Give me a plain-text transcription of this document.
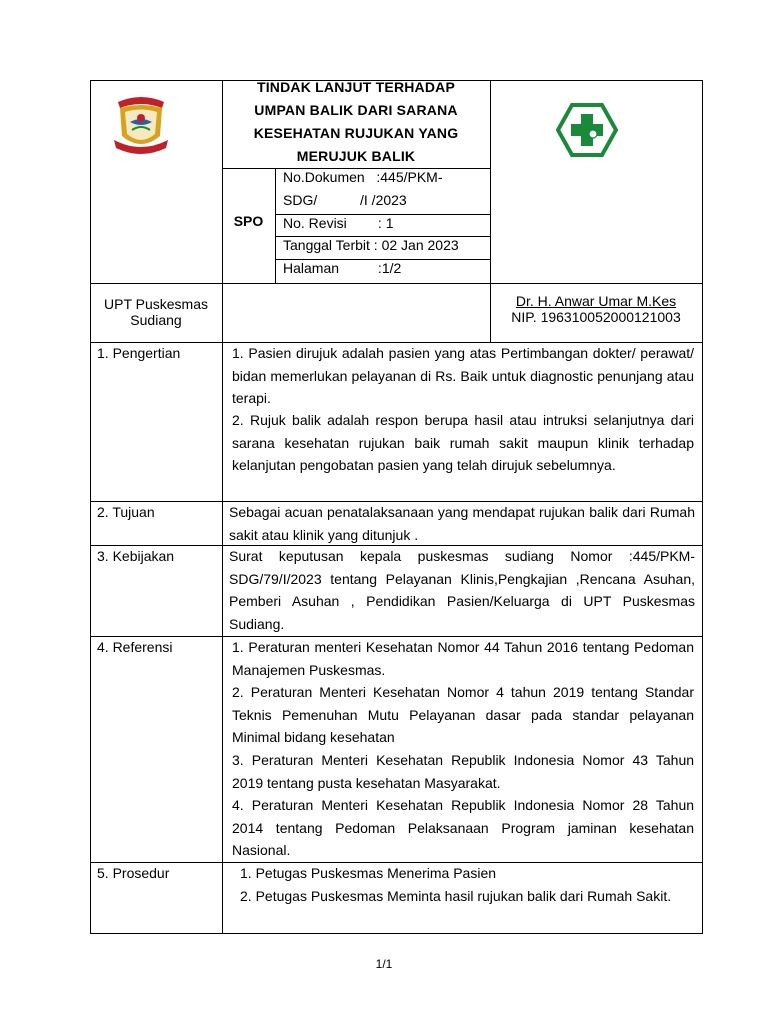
TINDAK LANJUT TERHADAP
UMPAN BALIK DARI SARANA
KESEHATAN RUJUKAN YANG
MERUJUK BALIK
SPO
No.Dokumen   :445/PKM-
SDG/           /I /2023
No. Revisi        : 1
Tanggal Terbit : 02 Jan 2023
Halaman          :1/2
UPT Puskesmas
Sudiang
Dr. H. Anwar Umar M.Kes
NIP. 196310052000121003
1. Pengertian	1. Pasien dirujuk adalah pasien yang atas Pertimbangan dokter/ perawat/ bidan memerlukan pelayanan di Rs. Baik untuk diagnostic penunjang atau terapi.
2. Rujuk balik adalah respon berupa hasil atau intruksi selanjutnya dari sarana kesehatan rujukan baik rumah sakit maupun klinik terhadap kelanjutan pengobatan pasien yang telah dirujuk sebelumnya.
2. Tujuan	Sebagai acuan penatalaksanaan yang mendapat rujukan balik dari Rumah sakit atau klinik yang ditunjuk .
3. Kebijakan	Surat keputusan kepala puskesmas sudiang Nomor :445/PKM-SDG/79/I/2023 tentang Pelayanan Klinis,Pengkajian ,Rencana Asuhan, Pemberi Asuhan , Pendidikan Pasien/Keluarga di UPT Puskesmas Sudiang.
4. Referensi	1. Peraturan menteri Kesehatan Nomor 44 Tahun 2016 tentang Pedoman Manajemen Puskesmas.
2. Peraturan Menteri Kesehatan Nomor 4 tahun 2019 tentang Standar Teknis Pemenuhan Mutu Pelayanan dasar pada standar pelayanan Minimal bidang kesehatan
3. Peraturan Menteri Kesehatan Republik Indonesia Nomor 43 Tahun 2019 tentang pusta kesehatan Masyarakat.
4. Peraturan Menteri Kesehatan Republik Indonesia Nomor 28 Tahun 2014 tentang Pedoman Pelaksanaan Program jaminan kesehatan Nasional.
5. Prosedur	1. Petugas Puskesmas Menerima Pasien
2. Petugas Puskesmas Meminta hasil rujukan balik dari Rumah Sakit.
1/1
